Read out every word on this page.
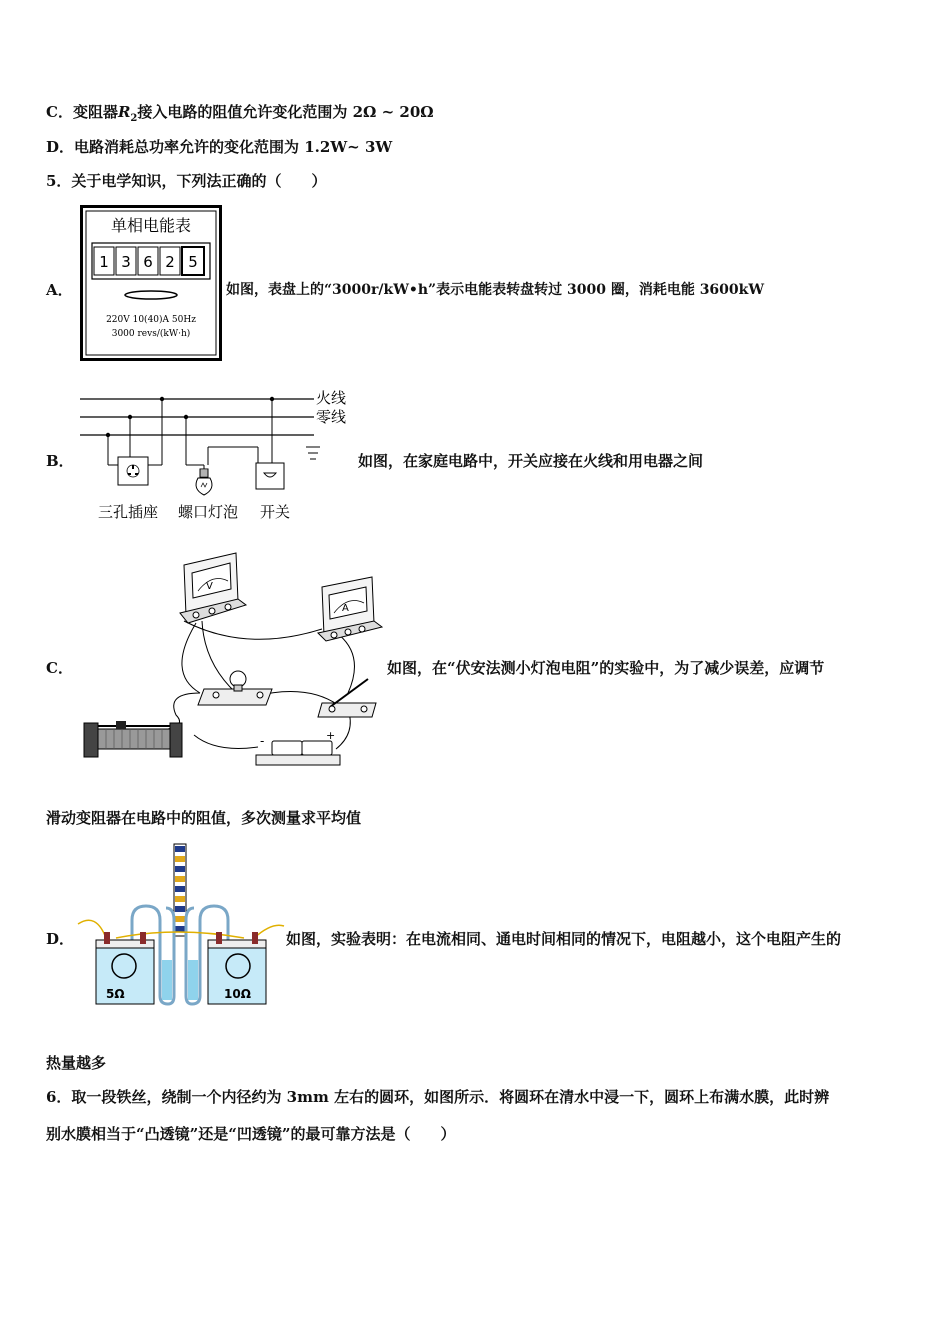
C．变阻器$R_2$接入电路的阻值允许变化范围为 2Ω ~ 20Ω
D．电路消耗总功率允许的变化范围为 1.2W~ 3W
5．关于电学知识，下列法正确的（　　）
A．
单相电能表
1 3 6 2 5
220V 10(40)A 50Hz
3000 revs/(kW·h)
如图，表盘上的“3000r/kW•h”表示电能表转盘转过 3000 圈，消耗电能 3600kW
B．
火线
零线
三孔插座 螺口灯泡 开关
如图，在家庭电路中，开关应接在火线和用电器之间
C．
V
A
-	+
如图，在“伏安法测小灯泡电阻”的实验中，为了减少误差，应调节
滑动变阻器在电路中的阻值，多次测量求平均值
D．
5Ω	10Ω
如图，实验表明：在电流相同、通电时间相同的情况下，电阻越小，这个电阻产生的
热量越多
6．取一段铁丝，绕制一个内径约为 3mm 左右的圆环，如图所示．将圆环在清水中浸一下，圆环上布满水膜，此时辨
别水膜相当于“凸透镜”还是“凹透镜”的最可靠方法是（　　）
